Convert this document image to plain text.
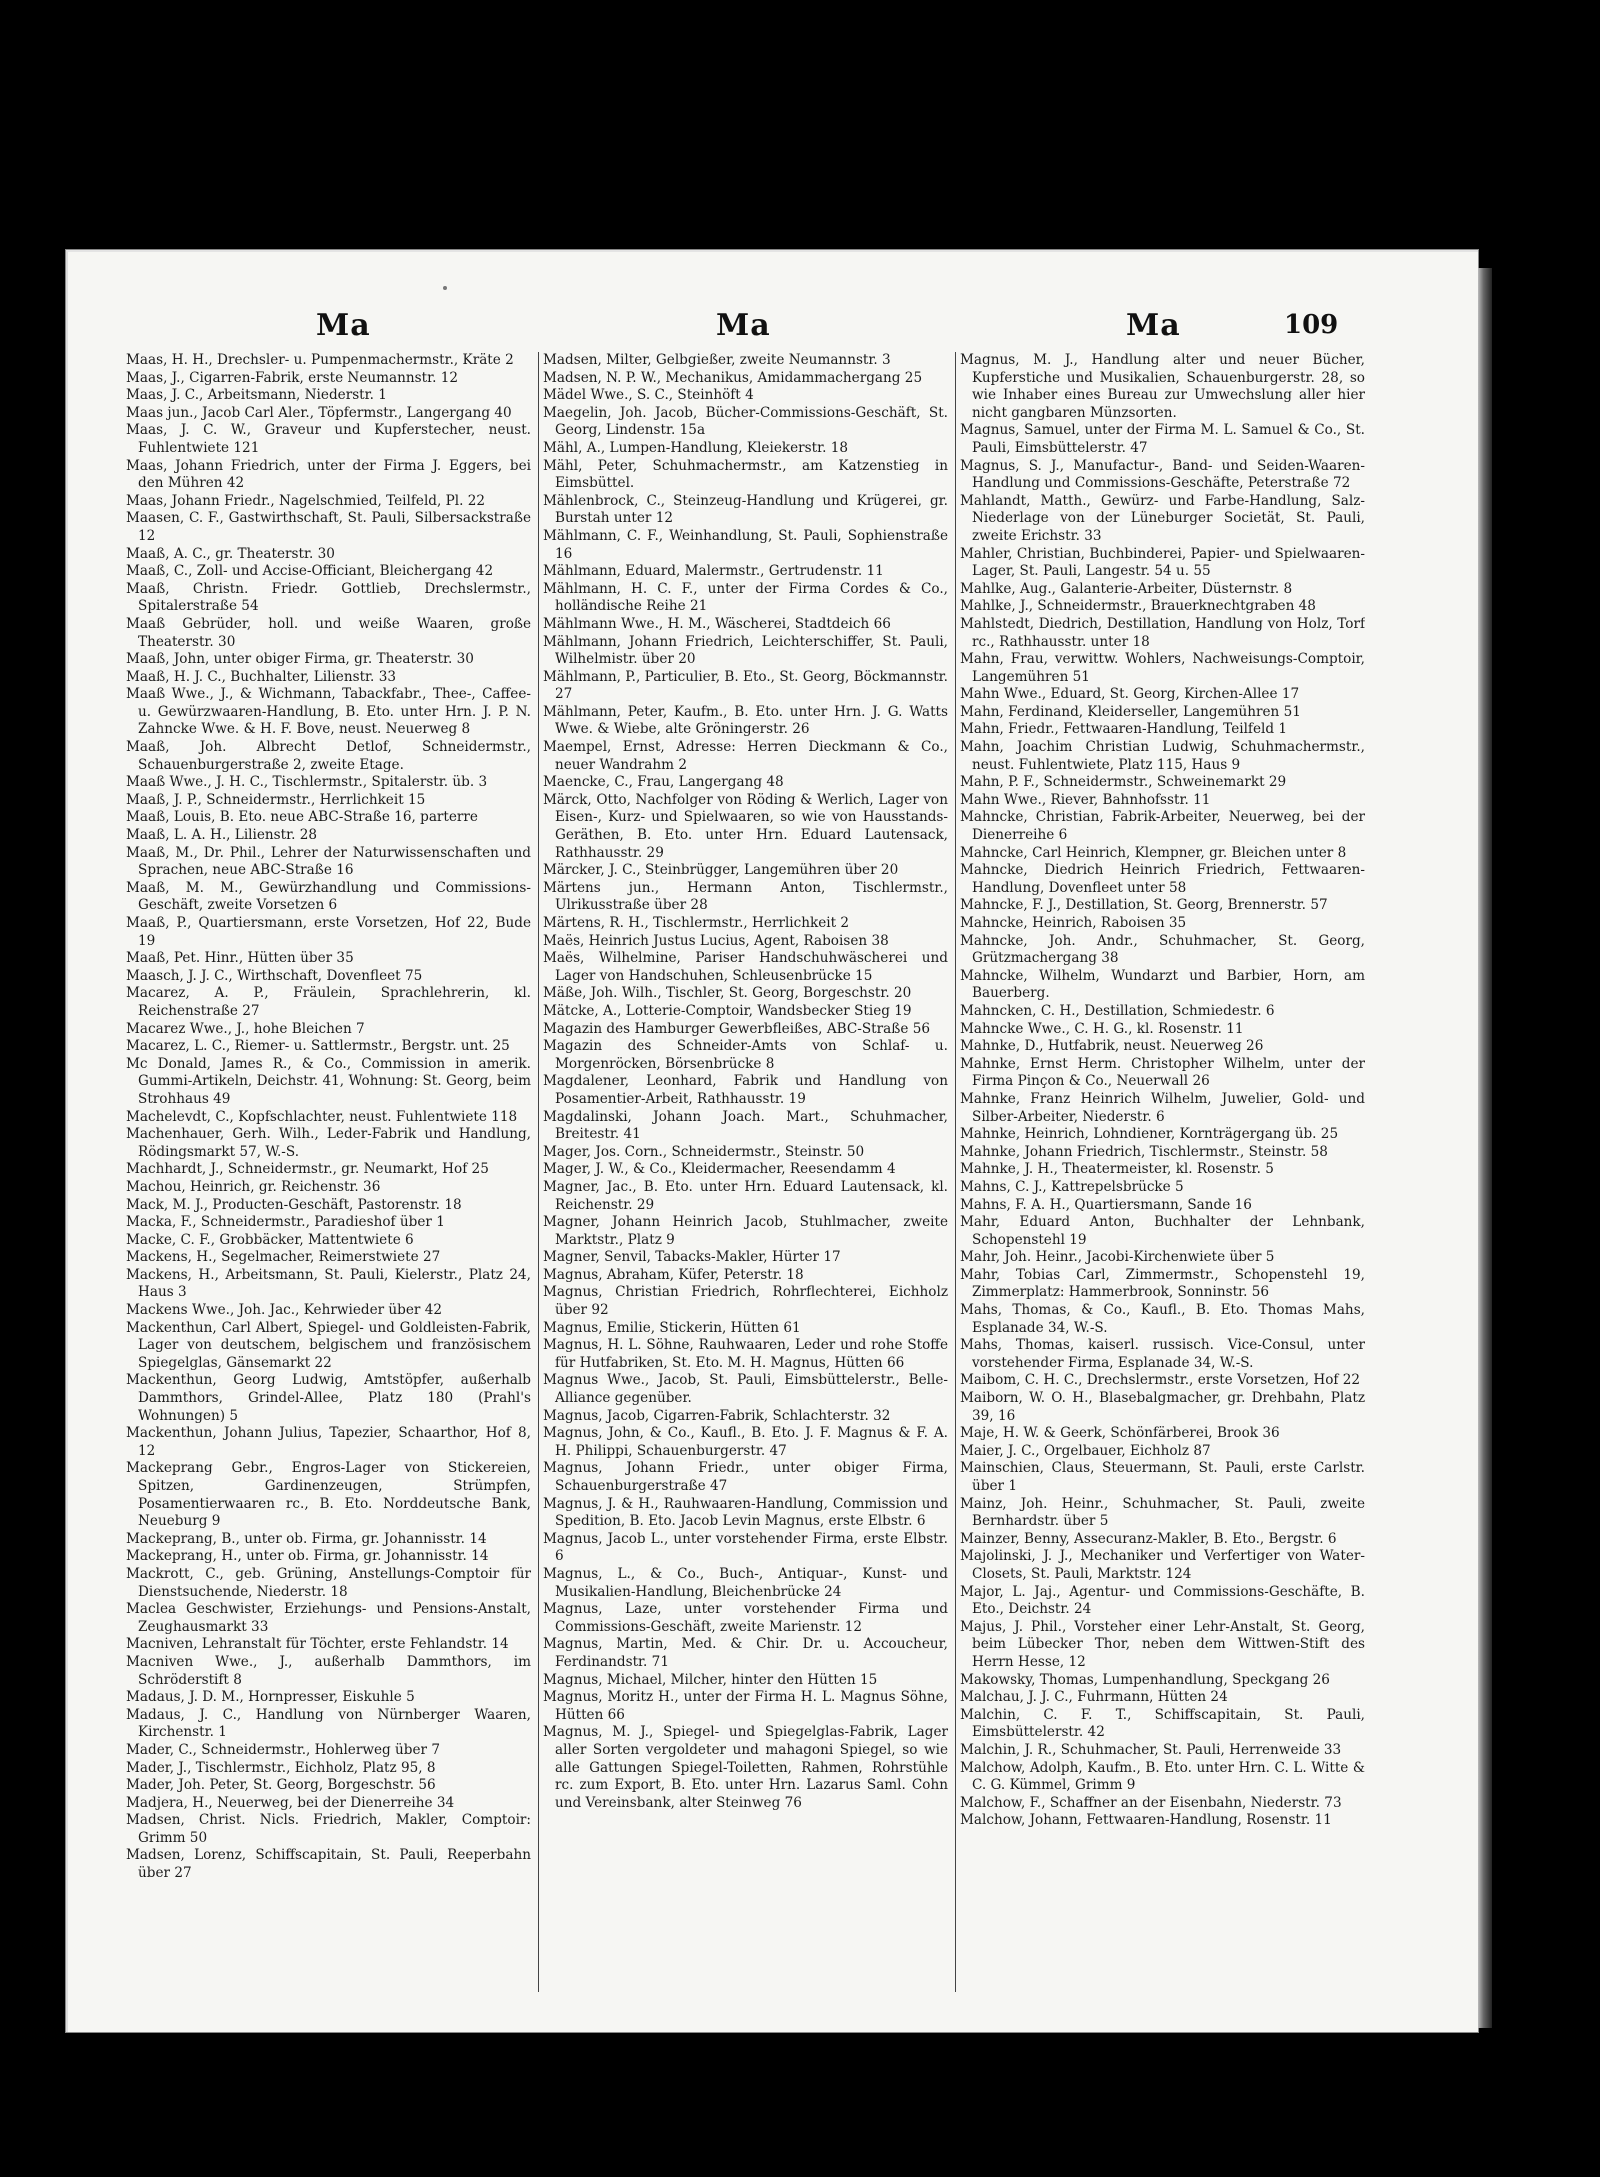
Ma	Ma	Ma	109
Maas, H. H., Drechsler- u. Pumpenmachermstr., Kräte 2
Maas, J., Cigarren-Fabrik, erste Neumannstr. 12
Maas, J. C., Arbeitsmann, Niederstr. 1
Maas jun., Jacob Carl Aler., Töpfermstr., Langergang 40
Maas, J. C. W., Graveur und Kupferstecher, neust. Fuhlentwiete 121
Maas, Johann Friedrich, unter der Firma J. Eggers, bei den Mühren 42
Maas, Johann Friedr., Nagelschmied, Teilfeld, Pl. 22
Maasen, C. F., Gastwirthschaft, St. Pauli, Silbersackstraße 12
Maaß, A. C., gr. Theaterstr. 30
Maaß, C., Zoll- und Accise-Officiant, Bleichergang 42
Maaß, Christn. Friedr. Gottlieb, Drechslermstr., Spitalerstraße 54
Maaß Gebrüder, holl. und weiße Waaren, große Theaterstr. 30
Maaß, John, unter obiger Firma, gr. Theaterstr. 30
Maaß, H. J. C., Buchhalter, Lilienstr. 33
Maaß Wwe., J., & Wichmann, Tabackfabr., Thee-, Caffee- u. Gewürzwaaren-Handlung, B. Eto. unter Hrn. J. P. N. Zahncke Wwe. & H. F. Bove, neust. Neuerweg 8
Maaß, Joh. Albrecht Detlof, Schneidermstr., Schauenburgerstraße 2, zweite Etage.
Maaß Wwe., J. H. C., Tischlermstr., Spitalerstr. üb. 3
Maaß, J. P., Schneidermstr., Herrlichkeit 15
Maaß, Louis, B. Eto. neue ABC-Straße 16, parterre
Maaß, L. A. H., Lilienstr. 28
Maaß, M., Dr. Phil., Lehrer der Naturwissenschaften und Sprachen, neue ABC-Straße 16
Maaß, M. M., Gewürzhandlung und Commissions-Geschäft, zweite Vorsetzen 6
Maaß, P., Quartiersmann, erste Vorsetzen, Hof 22, Bude 19
Maaß, Pet. Hinr., Hütten über 35
Maasch, J. J. C., Wirthschaft, Dovenfleet 75
Macarez, A. P., Fräulein, Sprachlehrerin, kl. Reichenstraße 27
Macarez Wwe., J., hohe Bleichen 7
Macarez, L. C., Riemer- u. Sattlermstr., Bergstr. unt. 25
Mc Donald, James R., & Co., Commission in amerik. Gummi-Artikeln, Deichstr. 41, Wohnung: St. Georg, beim Strohhaus 49
Machelevdt, C., Kopfschlachter, neust. Fuhlentwiete 118
Machenhauer, Gerh. Wilh., Leder-Fabrik und Handlung, Rödingsmarkt 57, W.-S.
Machhardt, J., Schneidermstr., gr. Neumarkt, Hof 25
Machou, Heinrich, gr. Reichenstr. 36
Mack, M. J., Producten-Geschäft, Pastorenstr. 18
Macka, F., Schneidermstr., Paradieshof über 1
Macke, C. F., Grobbäcker, Mattentwiete 6
Mackens, H., Segelmacher, Reimerstwiete 27
Mackens, H., Arbeitsmann, St. Pauli, Kielerstr., Platz 24, Haus 3
Mackens Wwe., Joh. Jac., Kehrwieder über 42
Mackenthun, Carl Albert, Spiegel- und Goldleisten-Fabrik, Lager von deutschem, belgischem und französischem Spiegelglas, Gänsemarkt 22
Mackenthun, Georg Ludwig, Amtstöpfer, außerhalb Dammthors, Grindel-Allee, Platz 180 (Prahl's Wohnungen) 5
Mackenthun, Johann Julius, Tapezier, Schaarthor, Hof 8, 12
Mackeprang Gebr., Engros-Lager von Stickereien, Spitzen, Gardinenzeugen, Strümpfen, Posamentierwaaren rc., B. Eto. Norddeutsche Bank, Neueburg 9
Mackeprang, B., unter ob. Firma, gr. Johannisstr. 14
Mackeprang, H., unter ob. Firma, gr. Johannisstr. 14
Mackrott, C., geb. Grüning, Anstellungs-Comptoir für Dienstsuchende, Niederstr. 18
Maclea Geschwister, Erziehungs- und Pensions-Anstalt, Zeughausmarkt 33
Macniven, Lehranstalt für Töchter, erste Fehlandstr. 14
Macniven Wwe., J., außerhalb Dammthors, im Schröderstift 8
Madaus, J. D. M., Hornpresser, Eiskuhle 5
Madaus, J. C., Handlung von Nürnberger Waaren, Kirchenstr. 1
Mader, C., Schneidermstr., Hohlerweg über 7
Mader, J., Tischlermstr., Eichholz, Platz 95, 8
Mader, Joh. Peter, St. Georg, Borgeschstr. 56
Madjera, H., Neuerweg, bei der Dienerreihe 34
Madsen, Christ. Nicls. Friedrich, Makler, Comptoir: Grimm 50
Madsen, Lorenz, Schiffscapitain, St. Pauli, Reeperbahn über 27
Madsen, Milter, Gelbgießer, zweite Neumannstr. 3
Madsen, N. P. W., Mechanikus, Amidammachergang 25
Mädel Wwe., S. C., Steinhöft 4
Maegelin, Joh. Jacob, Bücher-Commissions-Geschäft, St. Georg, Lindenstr. 15a
Mähl, A., Lumpen-Handlung, Kleiekerstr. 18
Mähl, Peter, Schuhmachermstr., am Katzenstieg in Eimsbüttel.
Mählenbrock, C., Steinzeug-Handlung und Krügerei, gr. Burstah unter 12
Mählmann, C. F., Weinhandlung, St. Pauli, Sophienstraße 16
Mählmann, Eduard, Malermstr., Gertrudenstr. 11
Mählmann, H. C. F., unter der Firma Cordes & Co., holländische Reihe 21
Mählmann Wwe., H. M., Wäscherei, Stadtdeich 66
Mählmann, Johann Friedrich, Leichterschiffer, St. Pauli, Wilhelmistr. über 20
Mählmann, P., Particulier, B. Eto., St. Georg, Böckmannstr. 27
Mählmann, Peter, Kaufm., B. Eto. unter Hrn. J. G. Watts Wwe. & Wiebe, alte Gröningerstr. 26
Maempel, Ernst, Adresse: Herren Dieckmann & Co., neuer Wandrahm 2
Maencke, C., Frau, Langergang 48
Märck, Otto, Nachfolger von Röding & Werlich, Lager von Eisen-, Kurz- und Spielwaaren, so wie von Hausstands-Geräthen, B. Eto. unter Hrn. Eduard Lautensack, Rathhausstr. 29
Märcker, J. C., Steinbrügger, Langemühren über 20
Märtens jun., Hermann Anton, Tischlermstr., Ulrikusstraße über 28
Märtens, R. H., Tischlermstr., Herrlichkeit 2
Maës, Heinrich Justus Lucius, Agent, Raboisen 38
Maës, Wilhelmine, Pariser Handschuhwäscherei und Lager von Handschuhen, Schleusenbrücke 15
Mäße, Joh. Wilh., Tischler, St. Georg, Borgeschstr. 20
Mätcke, A., Lotterie-Comptoir, Wandsbecker Stieg 19
Magazin des Hamburger Gewerbfleißes, ABC-Straße 56
Magazin des Schneider-Amts von Schlaf- u. Morgenröcken, Börsenbrücke 8
Magdalener, Leonhard, Fabrik und Handlung von Posamentier-Arbeit, Rathhausstr. 19
Magdalinski, Johann Joach. Mart., Schuhmacher, Breitestr. 41
Mager, Jos. Corn., Schneidermstr., Steinstr. 50
Mager, J. W., & Co., Kleidermacher, Reesendamm 4
Magner, Jac., B. Eto. unter Hrn. Eduard Lautensack, kl. Reichenstr. 29
Magner, Johann Heinrich Jacob, Stuhlmacher, zweite Marktstr., Platz 9
Magner, Senvil, Tabacks-Makler, Hürter 17
Magnus, Abraham, Küfer, Peterstr. 18
Magnus, Christian Friedrich, Rohrflechterei, Eichholz über 92
Magnus, Emilie, Stickerin, Hütten 61
Magnus, H. L. Söhne, Rauhwaaren, Leder und rohe Stoffe für Hutfabriken, St. Eto. M. H. Magnus, Hütten 66
Magnus Wwe., Jacob, St. Pauli, Eimsbüttelerstr., Belle-Alliance gegenüber.
Magnus, Jacob, Cigarren-Fabrik, Schlachterstr. 32
Magnus, John, & Co., Kaufl., B. Eto. J. F. Magnus & F. A. H. Philippi, Schauenburgerstr. 47
Magnus, Johann Friedr., unter obiger Firma, Schauenburgerstraße 47
Magnus, J. & H., Rauhwaaren-Handlung, Commission und Spedition, B. Eto. Jacob Levin Magnus, erste Elbstr. 6
Magnus, Jacob L., unter vorstehender Firma, erste Elbstr. 6
Magnus, L., & Co., Buch-, Antiquar-, Kunst- und Musikalien-Handlung, Bleichenbrücke 24
Magnus, Laze, unter vorstehender Firma und Commissions-Geschäft, zweite Marienstr. 12
Magnus, Martin, Med. & Chir. Dr. u. Accoucheur, Ferdinandstr. 71
Magnus, Michael, Milcher, hinter den Hütten 15
Magnus, Moritz H., unter der Firma H. L. Magnus Söhne, Hütten 66
Magnus, M. J., Spiegel- und Spiegelglas-Fabrik, Lager aller Sorten vergoldeter und mahagoni Spiegel, so wie alle Gattungen Spiegel-Toiletten, Rahmen, Rohrstühle rc. zum Export, B. Eto. unter Hrn. Lazarus Saml. Cohn und Vereinsbank, alter Steinweg 76
Magnus, M. J., Handlung alter und neuer Bücher, Kupferstiche und Musikalien, Schauenburgerstr. 28, so wie Inhaber eines Bureau zur Umwechslung aller hier nicht gangbaren Münzsorten.
Magnus, Samuel, unter der Firma M. L. Samuel & Co., St. Pauli, Eimsbüttelerstr. 47
Magnus, S. J., Manufactur-, Band- und Seiden-Waaren-Handlung und Commissions-Geschäfte, Peterstraße 72
Mahlandt, Matth., Gewürz- und Farbe-Handlung, Salz-Niederlage von der Lüneburger Societät, St. Pauli, zweite Erichstr. 33
Mahler, Christian, Buchbinderei, Papier- und Spielwaaren-Lager, St. Pauli, Langestr. 54 u. 55
Mahlke, Aug., Galanterie-Arbeiter, Düsternstr. 8
Mahlke, J., Schneidermstr., Brauerknechtgraben 48
Mahlstedt, Diedrich, Destillation, Handlung von Holz, Torf rc., Rathhausstr. unter 18
Mahn, Frau, verwittw. Wohlers, Nachweisungs-Comptoir, Langemühren 51
Mahn Wwe., Eduard, St. Georg, Kirchen-Allee 17
Mahn, Ferdinand, Kleiderseller, Langemühren 51
Mahn, Friedr., Fettwaaren-Handlung, Teilfeld 1
Mahn, Joachim Christian Ludwig, Schuhmachermstr., neust. Fuhlentwiete, Platz 115, Haus 9
Mahn, P. F., Schneidermstr., Schweinemarkt 29
Mahn Wwe., Riever, Bahnhofsstr. 11
Mahncke, Christian, Fabrik-Arbeiter, Neuerweg, bei der Dienerreihe 6
Mahncke, Carl Heinrich, Klempner, gr. Bleichen unter 8
Mahncke, Diedrich Heinrich Friedrich, Fettwaaren-Handlung, Dovenfleet unter 58
Mahncke, F. J., Destillation, St. Georg, Brennerstr. 57
Mahncke, Heinrich, Raboisen 35
Mahncke, Joh. Andr., Schuhmacher, St. Georg, Grützmachergang 38
Mahncke, Wilhelm, Wundarzt und Barbier, Horn, am Bauerberg.
Mahncken, C. H., Destillation, Schmiedestr. 6
Mahncke Wwe., C. H. G., kl. Rosenstr. 11
Mahnke, D., Hutfabrik, neust. Neuerweg 26
Mahnke, Ernst Herm. Christopher Wilhelm, unter der Firma Pinçon & Co., Neuerwall 26
Mahnke, Franz Heinrich Wilhelm, Juwelier, Gold- und Silber-Arbeiter, Niederstr. 6
Mahnke, Heinrich, Lohndiener, Kornträgergang üb. 25
Mahnke, Johann Friedrich, Tischlermstr., Steinstr. 58
Mahnke, J. H., Theatermeister, kl. Rosenstr. 5
Mahns, C. J., Kattrepelsbrücke 5
Mahns, F. A. H., Quartiersmann, Sande 16
Mahr, Eduard Anton, Buchhalter der Lehnbank, Schopenstehl 19
Mahr, Joh. Heinr., Jacobi-Kirchenwiete über 5
Mahr, Tobias Carl, Zimmermstr., Schopenstehl 19, Zimmerplatz: Hammerbrook, Sonninstr. 56
Mahs, Thomas, & Co., Kaufl., B. Eto. Thomas Mahs, Esplanade 34, W.-S.
Mahs, Thomas, kaiserl. russisch. Vice-Consul, unter vorstehender Firma, Esplanade 34, W.-S.
Maibom, C. H. C., Drechslermstr., erste Vorsetzen, Hof 22
Maiborn, W. O. H., Blasebalgmacher, gr. Drehbahn, Platz 39, 16
Maje, H. W. & Geerk, Schönfärberei, Brook 36
Maier, J. C., Orgelbauer, Eichholz 87
Mainschien, Claus, Steuermann, St. Pauli, erste Carlstr. über 1
Mainz, Joh. Heinr., Schuhmacher, St. Pauli, zweite Bernhardstr. über 5
Mainzer, Benny, Assecuranz-Makler, B. Eto., Bergstr. 6
Majolinski, J. J., Mechaniker und Verfertiger von Water-Closets, St. Pauli, Marktstr. 124
Major, L. Jaj., Agentur- und Commissions-Geschäfte, B. Eto., Deichstr. 24
Majus, J. Phil., Vorsteher einer Lehr-Anstalt, St. Georg, beim Lübecker Thor, neben dem Wittwen-Stift des Herrn Hesse, 12
Makowsky, Thomas, Lumpenhandlung, Speckgang 26
Malchau, J. J. C., Fuhrmann, Hütten 24
Malchin, C. F. T., Schiffscapitain, St. Pauli, Eimsbüttelerstr. 42
Malchin, J. R., Schuhmacher, St. Pauli, Herrenweide 33
Malchow, Adolph, Kaufm., B. Eto. unter Hrn. C. L. Witte & C. G. Kümmel, Grimm 9
Malchow, F., Schaffner an der Eisenbahn, Niederstr. 73
Malchow, Johann, Fettwaaren-Handlung, Rosenstr. 11
